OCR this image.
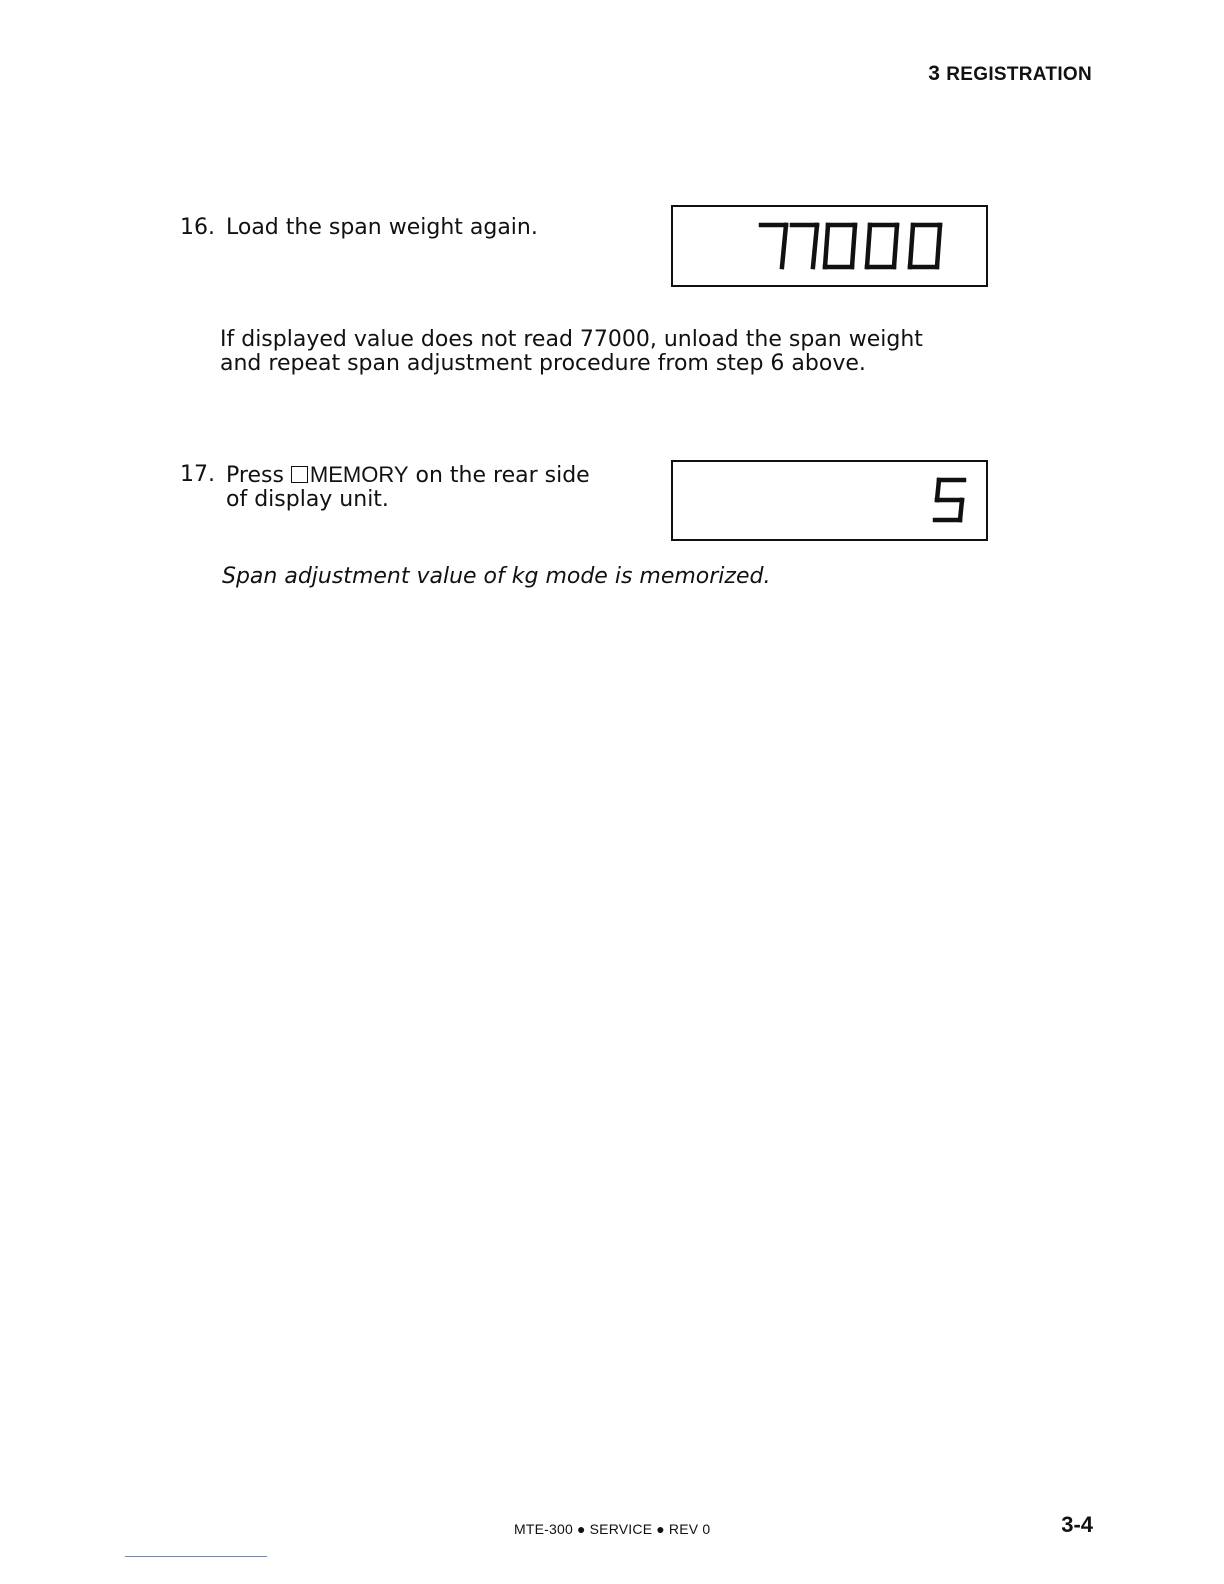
3 REGISTRATION
16. Load the span weight again.
If displayed value does not read 77000, unload the span weight
and repeat span adjustment procedure from step 6 above.
17. Press MEMORY on the rear side
of display unit.
Span adjustment value of kg mode is memorized.
MTE-300 ● SERVICE ● REV 0	3-4
